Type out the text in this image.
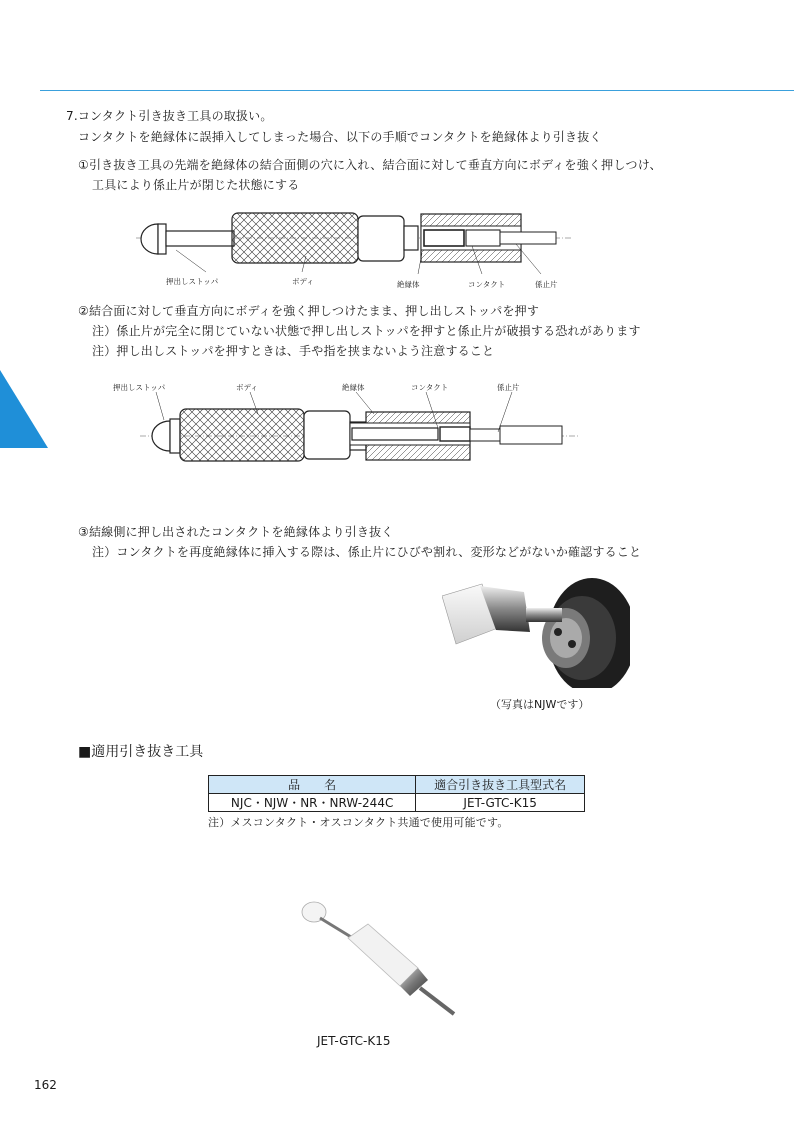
7.コンタクト引き抜き工具の取扱い。
コンタクトを絶縁体に誤挿入してしまった場合、以下の手順でコンタクトを絶縁体より引き抜く
①引き抜き工具の先端を絶縁体の結合面側の穴に入れ、結合面に対して垂直方向にボディを強く押しつけ、
工具により係止片が閉じた状態にする
押出しストッパ	ボディ	絶縁体	コンタクト	係止片
②結合面に対して垂直方向にボディを強く押しつけたまま、押し出しストッパを押す
注）係止片が完全に閉じていない状態で押し出しストッパを押すと係止片が破損する恐れがあります
注）押し出しストッパを押すときは、手や指を挟まないよう注意すること
押出しストッパ	ボディ	絶縁体	コンタクト	係止片
③結線側に押し出されたコンタクトを絶縁体より引き抜く
注）コンタクトを再度絶縁体に挿入する際は、係止片にひびや割れ、変形などがないか確認すること
（写真はNJWです）
■適用引き抜き工具
品　　名	適合引き抜き工具型式名
NJC・NJW・NR・NRW-244C	JET-GTC-K15
注）メスコンタクト・オスコンタクト共通で使用可能です。
JET-GTC-K15
162
